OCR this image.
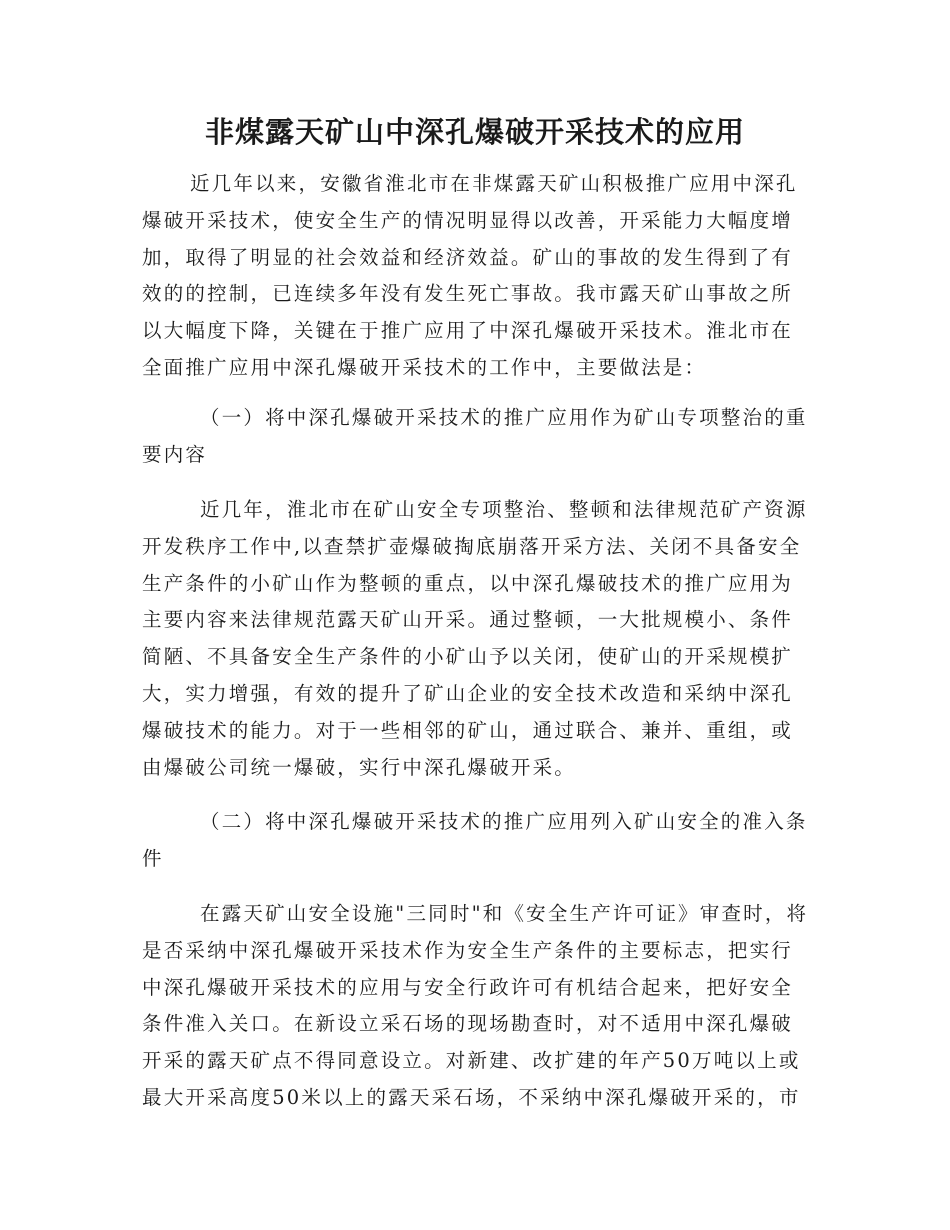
非煤露天矿山中深孔爆破开采技术的应用
近几年以来，安徽省淮北市在非煤露天矿山积极推广应用中深孔
爆破开采技术，使安全生产的情况明显得以改善，开采能力大幅度增
加，取得了明显的社会效益和经济效益。矿山的事故的发生得到了有
效的的控制，已连续多年没有发生死亡事故。我市露天矿山事故之所
以大幅度下降，关键在于推广应用了中深孔爆破开采技术。淮北市在
全面推广应用中深孔爆破开采技术的工作中，主要做法是：
（一）将中深孔爆破开采技术的推广应用作为矿山专项整治的重
要内容
近几年，淮北市在矿山安全专项整治、整顿和法律规范矿产资源
开发秩序工作中,以查禁扩壶爆破掏底崩落开采方法、关闭不具备安全
生产条件的小矿山作为整顿的重点，以中深孔爆破技术的推广应用为
主要内容来法律规范露天矿山开采。通过整顿，一大批规模小、条件
简陋、不具备安全生产条件的小矿山予以关闭，使矿山的开采规模扩
大，实力增强，有效的提升了矿山企业的安全技术改造和采纳中深孔
爆破技术的能力。对于一些相邻的矿山，通过联合、兼并、重组，或
由爆破公司统一爆破，实行中深孔爆破开采。
（二）将中深孔爆破开采技术的推广应用列入矿山安全的准入条
件
在露天矿山安全设施"三同时"和《安全生产许可证》审查时，将
是否采纳中深孔爆破开采技术作为安全生产条件的主要标志，把实行
中深孔爆破开采技术的应用与安全行政许可有机结合起来，把好安全
条件准入关口。在新设立采石场的现场勘查时，对不适用中深孔爆破
开采的露天矿点不得同意设立。对新建、改扩建的年产50万吨以上或
最大开采高度50米以上的露天采石场，不采纳中深孔爆破开采的，市
